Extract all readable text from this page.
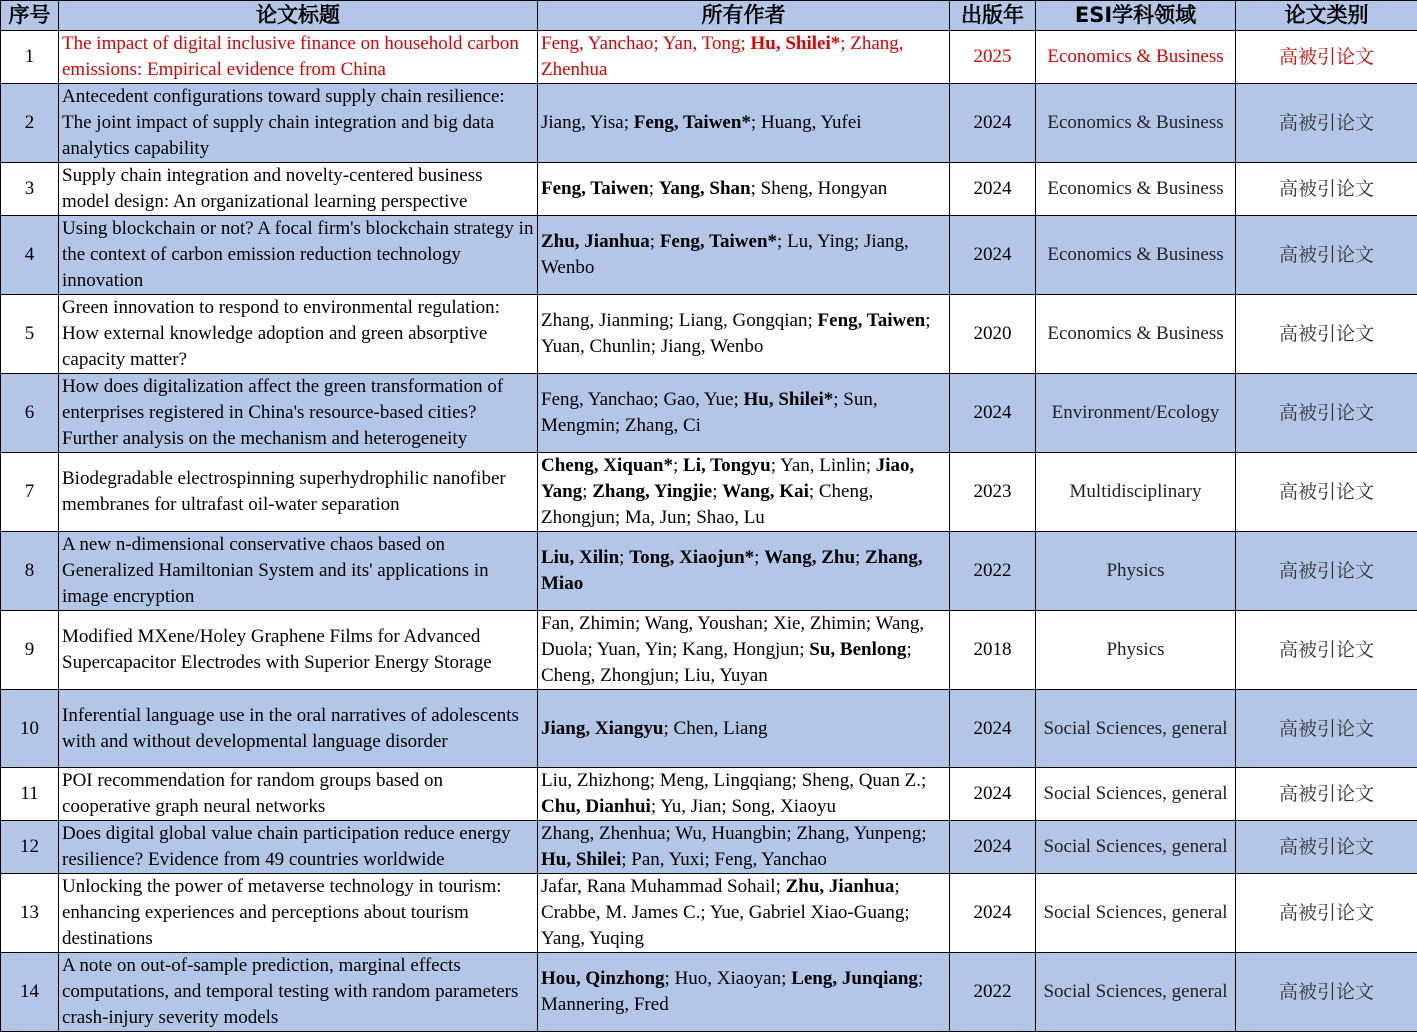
序号	论文标题	所有作者	出版年	ESI学科领域	论文类别
1	The impact of digital inclusive finance on household carbon emissions: Empirical evidence from China	Feng, Yanchao; Yan, Tong; Hu, Shilei*; Zhang, Zhenhua	2025	Economics & Business	高被引论文
2	Antecedent configurations toward supply chain resilience: The joint impact of supply chain integration and big data analytics capability	Jiang, Yisa; Feng, Taiwen*; Huang, Yufei	2024	Economics & Business	高被引论文
3	Supply chain integration and novelty-centered business model design: An organizational learning perspective	Feng, Taiwen; Yang, Shan; Sheng, Hongyan	2024	Economics & Business	高被引论文
4	Using blockchain or not? A focal firm's blockchain strategy in the context of carbon emission reduction technology innovation	Zhu, Jianhua; Feng, Taiwen*; Lu, Ying; Jiang, Wenbo	2024	Economics & Business	高被引论文
5	Green innovation to respond to environmental regulation: How external knowledge adoption and green absorptive capacity matter?	Zhang, Jianming; Liang, Gongqian; Feng, Taiwen; Yuan, Chunlin; Jiang, Wenbo	2020	Economics & Business	高被引论文
6	How does digitalization affect the green transformation of enterprises registered in China's resource-based cities? Further analysis on the mechanism and heterogeneity	Feng, Yanchao; Gao, Yue; Hu, Shilei*; Sun, Mengmin; Zhang, Ci	2024	Environment/Ecology	高被引论文
7	Biodegradable electrospinning superhydrophilic nanofiber membranes for ultrafast oil-water separation	Cheng, Xiquan*; Li, Tongyu; Yan, Linlin; Jiao, Yang; Zhang, Yingjie; Wang, Kai; Cheng, Zhongjun; Ma, Jun; Shao, Lu	2023	Multidisciplinary	高被引论文
8	A new n-dimensional conservative chaos based on Generalized Hamiltonian System and its' applications in image encryption	Liu, Xilin; Tong, Xiaojun*; Wang, Zhu; Zhang, Miao	2022	Physics	高被引论文
9	Modified MXene/Holey Graphene Films for Advanced Supercapacitor Electrodes with Superior Energy Storage	Fan, Zhimin; Wang, Youshan; Xie, Zhimin; Wang, Duola; Yuan, Yin; Kang, Hongjun; Su, Benlong; Cheng, Zhongjun; Liu, Yuyan	2018	Physics	高被引论文
10	Inferential language use in the oral narratives of adolescents with and without developmental language disorder	Jiang, Xiangyu; Chen, Liang	2024	Social Sciences, general	高被引论文
11	POI recommendation for random groups based on cooperative graph neural networks	Liu, Zhizhong; Meng, Lingqiang; Sheng, Quan Z.; Chu, Dianhui; Yu, Jian; Song, Xiaoyu	2024	Social Sciences, general	高被引论文
12	Does digital global value chain participation reduce energy resilience? Evidence from 49 countries worldwide	Zhang, Zhenhua; Wu, Huangbin; Zhang, Yunpeng; Hu, Shilei; Pan, Yuxi; Feng, Yanchao	2024	Social Sciences, general	高被引论文
13	Unlocking the power of metaverse technology in tourism: enhancing experiences and perceptions about tourism destinations	Jafar, Rana Muhammad Sohail; Zhu, Jianhua; Crabbe, M. James C.; Yue, Gabriel Xiao-Guang; Yang, Yuqing	2024	Social Sciences, general	高被引论文
14	A note on out-of-sample prediction, marginal effects computations, and temporal testing with random parameters crash-injury severity models	Hou, Qinzhong; Huo, Xiaoyan; Leng, Junqiang; Mannering, Fred	2022	Social Sciences, general	高被引论文
